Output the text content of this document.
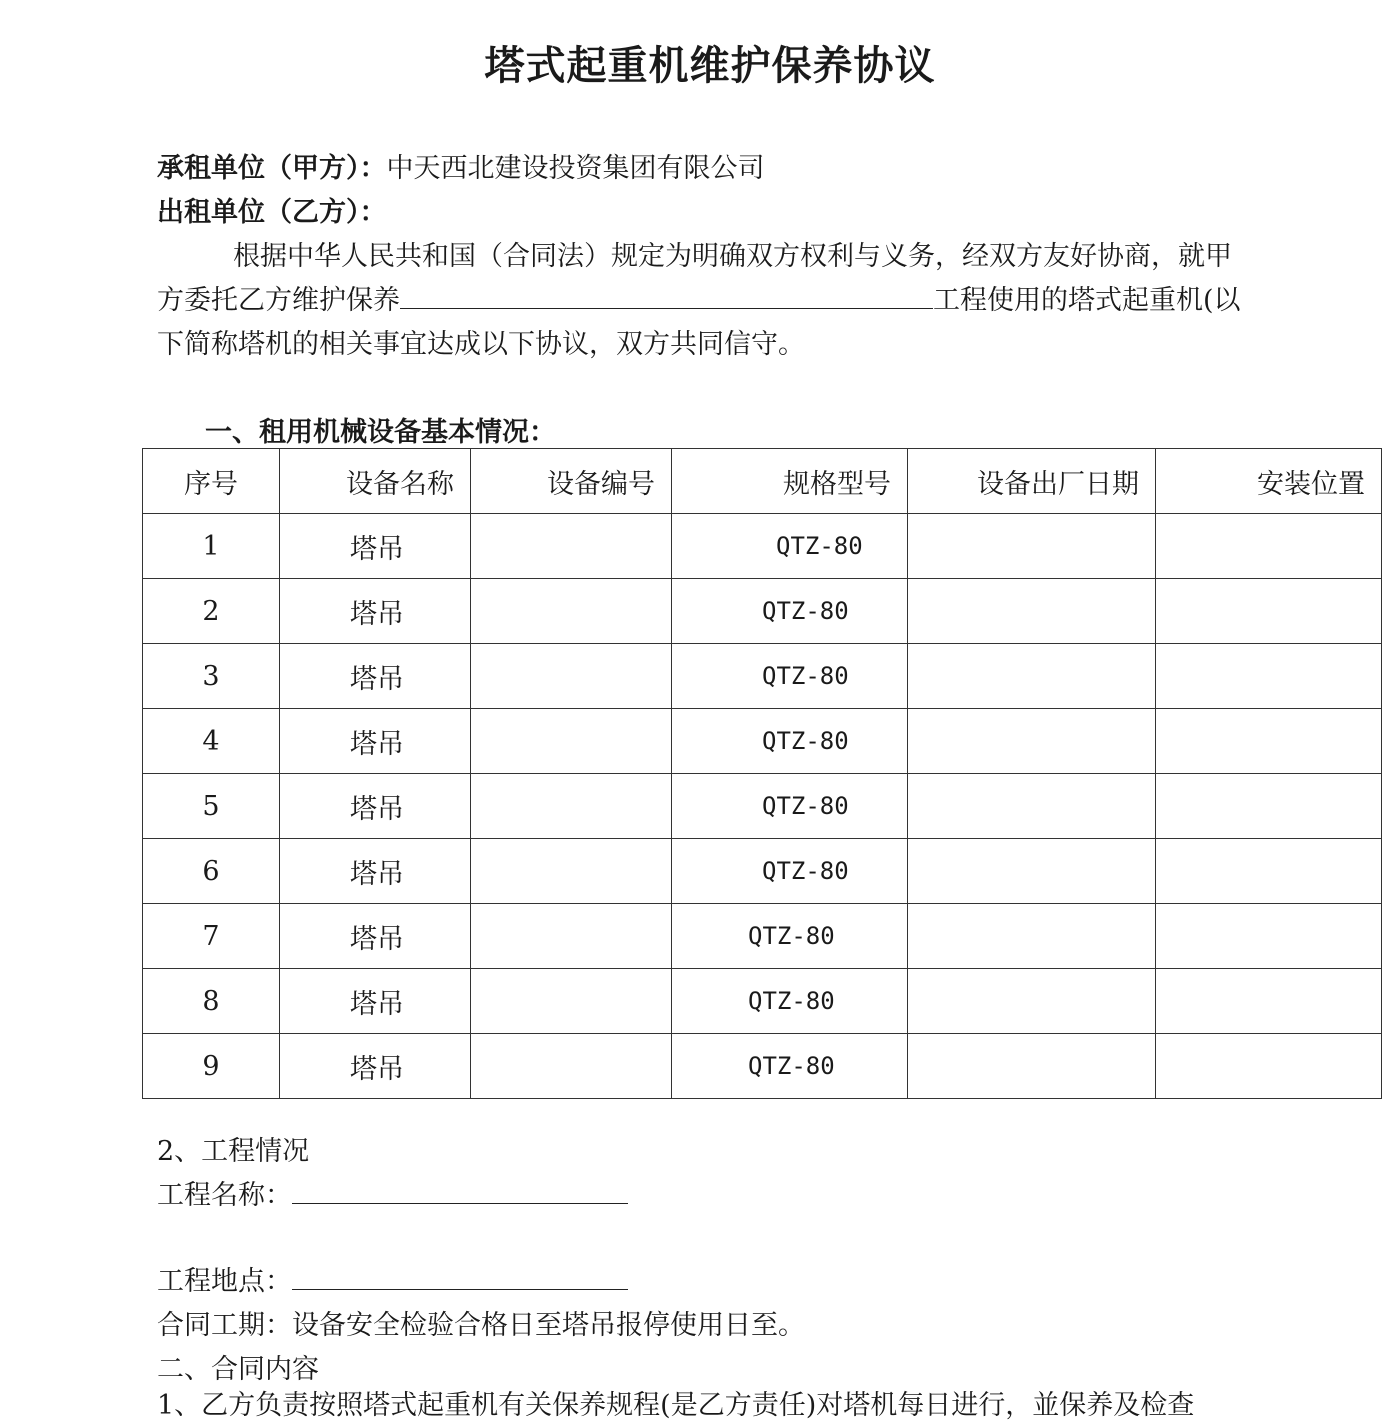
塔式起重机维护保养协议
承租单位（甲方）：中天西北建设投资集团有限公司
出租单位（乙方）：
根据中华人民共和国（合同法）规定为明确双方权利与义务，经双方友好协商，就甲
方委托乙方维护保养	工程使用的塔式起重机(以
下简称塔机的相关事宜达成以下协议，双方共同信守。
一、租用机械设备基本情况：
序号	设备名称	设备编号	规格型号	设备出厂日期	安装位置
1	塔吊		QTZ-80		
2	塔吊		QTZ-80		
3	塔吊		QTZ-80		
4	塔吊		QTZ-80		
5	塔吊		QTZ-80		
6	塔吊		QTZ-80		
7	塔吊		QTZ-80		
8	塔吊		QTZ-80		
9	塔吊		QTZ-80		
2、工程情况
工程名称：
工程地点：
合同工期：设备安全检验合格日至塔吊报停使用日至。
二、合同内容
1、乙方负责按照塔式起重机有关保养规程(是乙方责任)对塔机每日进行，並保养及检查
